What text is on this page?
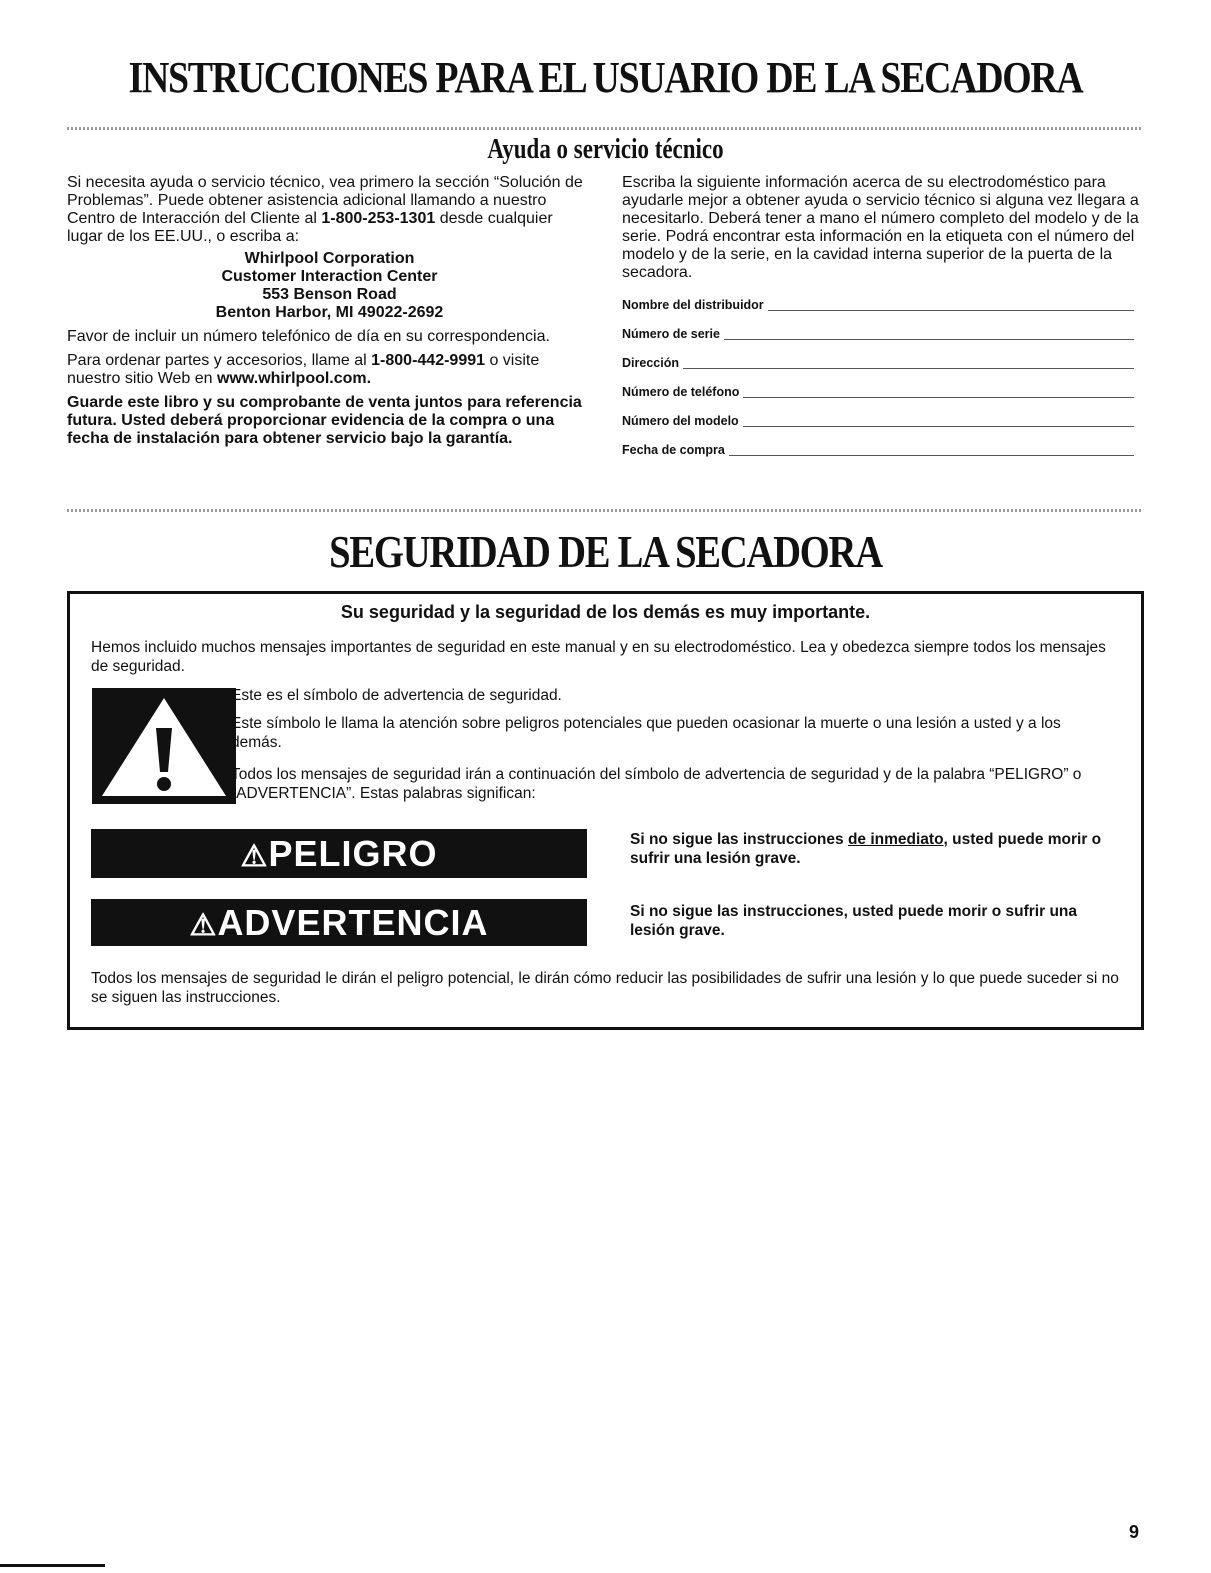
INSTRUCCIONES PARA EL USUARIO DE LA SECADORA
Ayuda o servicio técnico

Si necesita ayuda o servicio técnico, vea primero la sección “Solución de Problemas”. Puede obtener asistencia adicional llamando a nuestro Centro de Interacción del Cliente al 1-800-253-1301 desde cualquier lugar de los EE.UU., o escriba a:

Whirlpool Corporation
Customer Interaction Center
553 Benson Road
Benton Harbor, MI 49022-2692

Favor de incluir un número telefónico de día en su correspondencia.

Para ordenar partes y accesorios, llame al 1-800-442-9991 o visite nuestro sitio Web en www.whirlpool.com.

Guarde este libro y su comprobante de venta juntos para referencia futura. Usted deberá proporcionar evidencia de la compra o una fecha de instalación para obtener servicio bajo la garantía.

Escriba la siguiente información acerca de su electrodoméstico para ayudarle mejor a obtener ayuda o servicio técnico si alguna vez llegara a necesitarlo. Deberá tener a mano el número completo del modelo y de la serie. Podrá encontrar esta información en la etiqueta con el número del modelo y de la serie, en la cavidad interna superior de la puerta de la secadora.

Nombre del distribuidor
Número de serie
Dirección
Número de teléfono
Número del modelo
Fecha de compra
SEGURIDAD DE LA SECADORA
Su seguridad y la seguridad de los demás es muy importante.
Hemos incluido muchos mensajes importantes de seguridad en este manual y en su electrodoméstico. Lea y obedezca siempre todos los mensajes de seguridad.
Este es el símbolo de advertencia de seguridad.
Este símbolo le llama la atención sobre peligros potenciales que pueden ocasionar la muerte o una lesión a usted y a los demás.
Todos los mensajes de seguridad irán a continuación del símbolo de advertencia de seguridad y de la palabra “PELIGRO” o “ADVERTENCIA”. Estas palabras significan:
⚠PELIGRO	Si no sigue las instrucciones de inmediato, usted puede morir o sufrir una lesión grave.
⚠ADVERTENCIA	Si no sigue las instrucciones, usted puede morir o sufrir una lesión grave.
Todos los mensajes de seguridad le dirán el peligro potencial, le dirán cómo reducir las posibilidades de sufrir una lesión y lo que puede suceder si no se siguen las instrucciones.
9
